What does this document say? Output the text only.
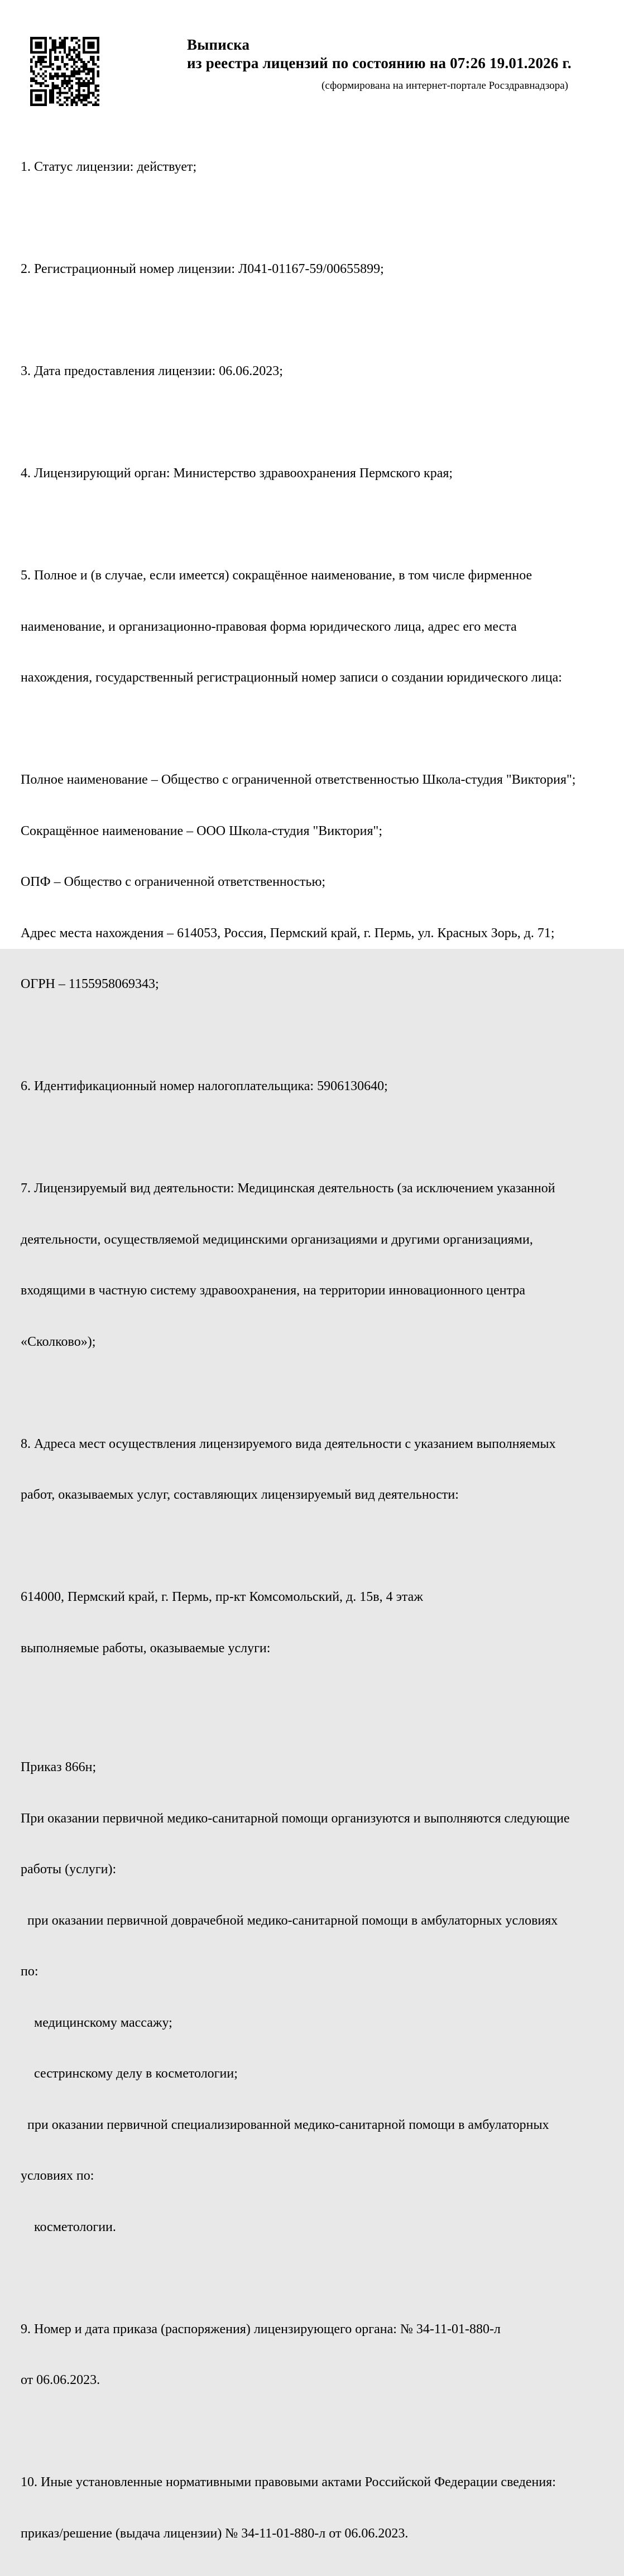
Выписка
из реестра лицензий по состоянию на 07:26 19.01.2026 г.
(сформирована на интернет-портале Росздравнадзора)

1. Статус лицензии: действует;

2. Регистрационный номер лицензии: Л041-01167-59/00655899;

3. Дата предоставления лицензии: 06.06.2023;

4. Лицензирующий орган: Министерство здравоохранения Пермского края;

5. Полное и (в случае, если имеется) сокращённое наименование, в том числе фирменное

наименование, и организационно-правовая форма юридического лица, адрес его места

нахождения, государственный регистрационный номер записи о создании юридического лица:

Полное наименование – Общество с ограниченной ответственностью Школа-студия "Виктория";

Сокращённое наименование – ООО Школа-студия "Виктория";

ОПФ – Общество с ограниченной ответственностью;

Адрес места нахождения – 614053, Россия, Пермский край, г. Пермь, ул. Красных Зорь, д. 71;

ОГРН – 1155958069343;

6. Идентификационный номер налогоплательщика: 5906130640;

7. Лицензируемый вид деятельности: Медицинская деятельность (за исключением указанной

деятельности, осуществляемой медицинскими организациями и другими организациями,

входящими в частную систему здравоохранения, на территории инновационного центра

«Сколково»);

8. Адреса мест осуществления лицензируемого вида деятельности с указанием выполняемых

работ, оказываемых услуг, составляющих лицензируемый вид деятельности:

614000, Пермский край, г. Пермь, пр-кт Комсомольский, д. 15в, 4 этаж

выполняемые работы, оказываемые услуги:

Приказ 866н;

При оказании первичной медико-санитарной помощи организуются и выполняются следующие

работы (услуги):

при оказании первичной доврачебной медико-санитарной помощи в амбулаторных условиях

по:

медицинскому массажу;

сестринскому делу в косметологии;

при оказании первичной специализированной медико-санитарной помощи в амбулаторных

условиях по:

косметологии.

9. Номер и дата приказа (распоряжения) лицензирующего органа: № 34-11-01-880-л

от 06.06.2023.

10. Иные установленные нормативными правовыми актами Российской Федерации сведения:

приказ/решение (выдача лицензии) № 34-11-01-880-л от 06.06.2023.
